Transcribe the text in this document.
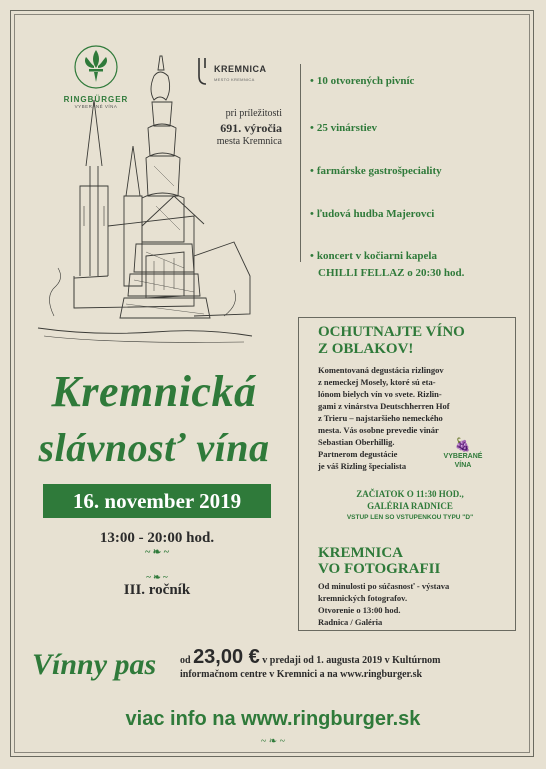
RINGBÜRGER
VYBERANÉ VÍNA
KREMNICA
MESTO KREMNICA
pri príležitosti
691. výročia
mesta Kremnica
• 10 otvorených pivníc
• 25 vinárstiev
• farmárske gastrošpeciality
• ľudová hudba Majerovci
• koncert v kočiarni kapela
CHILLI FELLAZ o 20:30 hod.
Kremnická
slávnosť vína
16. november 2019
13:00 - 20:00 hod.
~ ❧ ~
~ ❧ ~
III. ročník
OCHUTNAJTE VÍNO
Z OBLAKOV!
Komentovaná degustácia rizlingov
z nemeckej Mosely, ktoré sú eta-
lónom bielych vín vo svete. Rizlin-
gami z vinárstva Deutschherren Hof
z Trieru – najstaršieho nemeckého
mesta. Vás osobne prevedie vinár
Sebastian Oberhillig.
Partnerom degustácie
je váš Rizling špecialista
🍇
VYBERANÉ VÍNA
ZAČIATOK O 11:30 HOD.,
GALÉRIA RADNICE
VSTUP LEN SO VSTUPENKOU TYPU "D"
KREMNICA
VO FOTOGRAFII
Od minulosti po súčasnosť - výstava
kremnických fotografov.
Otvorenie o 13:00 hod.
Radnica / Galéria
Vínny pas od 23,00 € v predaji od 1. augusta 2019 v Kultúrnom
informačnom centre v Kremnici a na www.ringburger.sk
viac info na www.ringburger.sk
~ ❧ ~
